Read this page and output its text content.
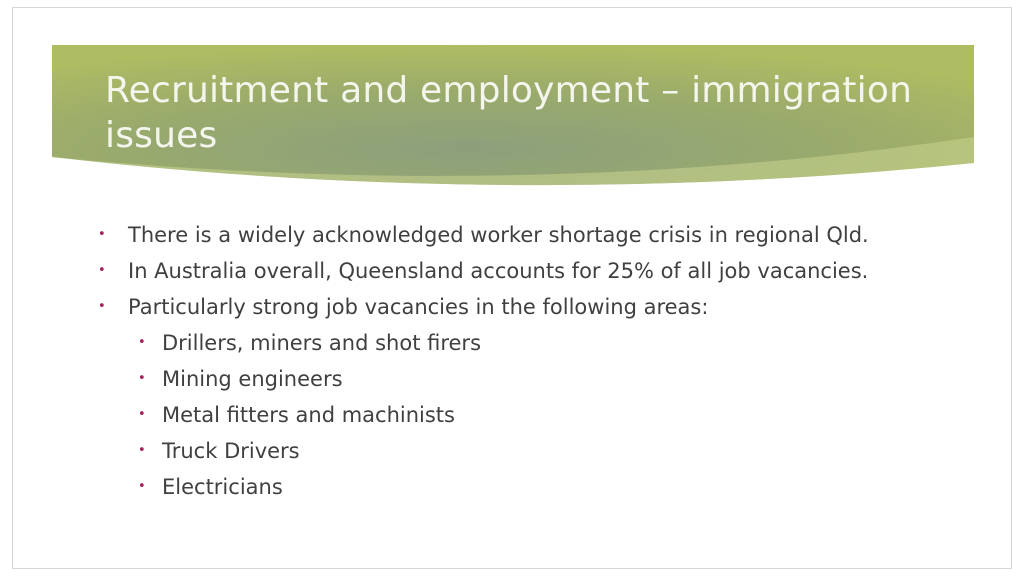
Recruitment and employment – immigration issues
• There is a widely acknowledged worker shortage crisis in regional Qld.
• In Australia overall, Queensland accounts for 25% of all job vacancies.
• Particularly strong job vacancies in the following areas:
• Drillers, miners and shot firers
• Mining engineers
• Metal fitters and machinists
• Truck Drivers
• Electricians
